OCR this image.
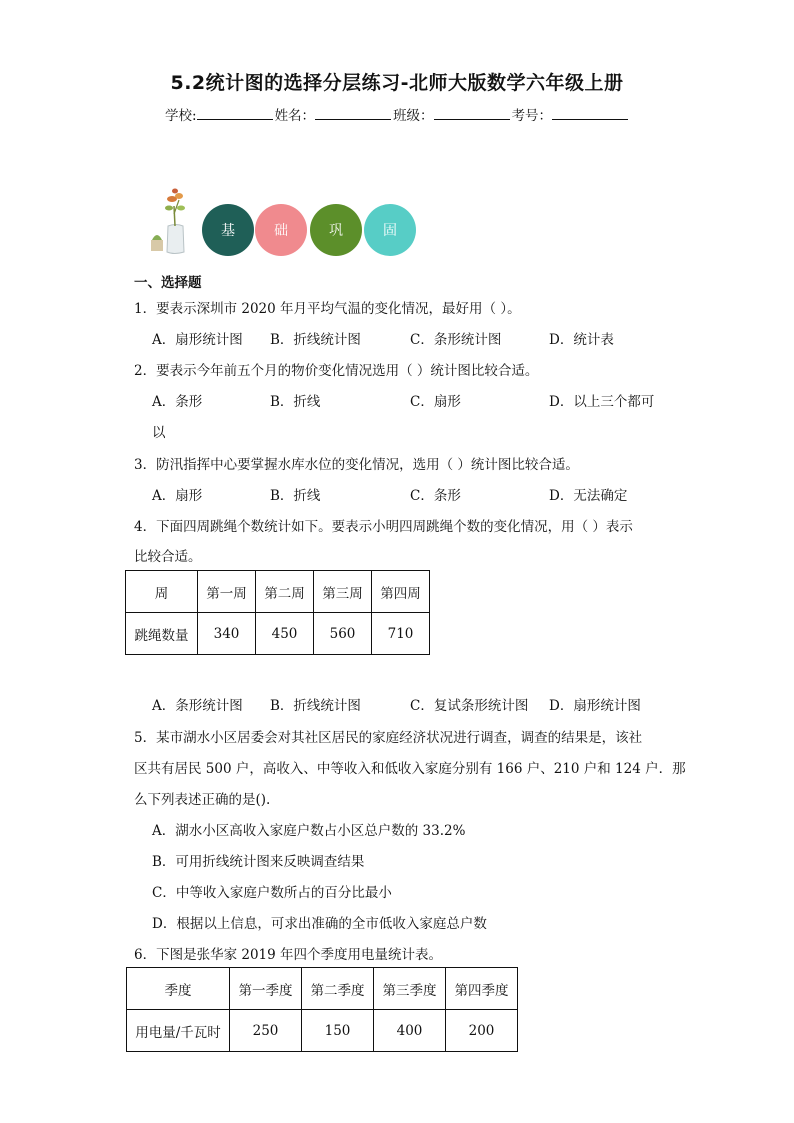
5.2统计图的选择分层练习-北师大版数学六年级上册
学校:	姓名：	班级：	考号：
基	础	巩	固
一、选择题
1．要表示深圳市 2020 年月平均气温的变化情况，最好用（ ）。
A．扇形统计图 B．折线统计图	C．条形统计图	D．统计表
2．要表示今年前五个月的物价变化情况选用（ ）统计图比较合适。
A．条形	B．折线	C．扇形	D．以上三个都可
以
3．防汛指挥中心要掌握水库水位的变化情况，选用（ ）统计图比较合适。
A．扇形	B．折线	C．条形	D．无法确定
4．下面四周跳绳个数统计如下。要表示小明四周跳绳个数的变化情况，用（ ）表示
比较合适。
周	第一周	第二周	第三周	第四周
跳绳数量	340	450	560	710
A．条形统计图 B．折线统计图	C．复试条形统计图 D．扇形统计图
5．某市湖水小区居委会对其社区居民的家庭经济状况进行调查，调查的结果是，该社
区共有居民 500 户，高收入、中等收入和低收入家庭分别有 166 户、210 户和 124 户．那
么下列表述正确的是().
A．湖水小区高收入家庭户数占小区总户数的 33.2%
B．可用折线统计图来反映调查结果
C．中等收入家庭户数所占的百分比最小
D．根据以上信息，可求出准确的全市低收入家庭总户数
6．下图是张华家 2019 年四个季度用电量统计表。
季度	第一季度	第二季度	第三季度	第四季度
用电量/千瓦时	250	150	400	200
